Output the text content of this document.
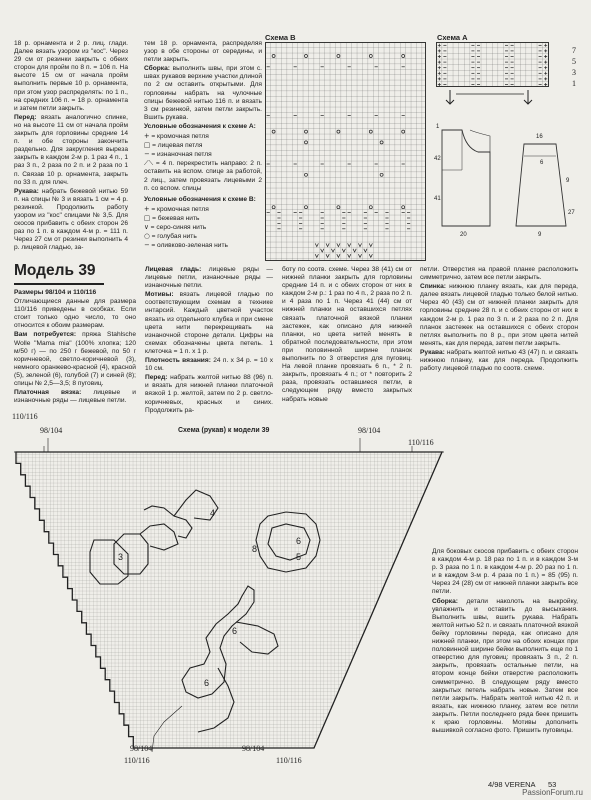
18 р. орнамента и 2 р. лиц. глади. Далее вязать узором из "кос". Через 29 см от резинки закрыть с обеих сторон для пройм по 8 п. = 106 п. На высоте 15 см от начала пройм выполнить первые 10 р. орнамента, при этом узор распределять: по 1 п., на средних 106 п. = 18 р. орнамента и затем петли закрыть.

Перед: вязать аналогично спинке, но на высоте 11 см от начала пройм закрыть для горловины средние 14 п. и обе стороны закончить раздельно. Для закругления выреза закрыть в каждом 2-м р. 1 раз 4 п., 1 раз 3 п., 2 раза по 2 п. и 2 раза по 1 п. Связав 10 р. орнамента, закрыть по 33 п. для плеч.

Рукава: набрать бежевой нитью 59 п. на спицы № 3 и вязать 1 см = 4 р. резинкой. Продолжить работу узором из "кос" спицами № 3,5. Для скосов прибавить с обеих сторон 26 раз по 1 п. в каждом 4-м р. = 111 п. Через 27 см от резинки выполнить 4 р. лицевой гладью, за-

тем 18 р. орнамента, распределяя узор в обе стороны от середины, и петли закрыть.

Сборка: выполнить швы, при этом с. швах рукавов верхние участки длиной по 2 см оставить открытыми. Для горловины набрать на чулочные спицы бежевой нитью 116 п. и вязать 3 см резинкой, затем петли закрыть. Вшить рукава.

Условные обозначения к схеме А:

+ = кромочная петля
□ = лицевая петля
− = изнаночная петля
⟋⟍ = 4 п. перекрестить направо: 2 п. оставить на вспом. спице за работой, 2 лиц., затем провязать лицевыми 2 п. со вспом. спицы

Условные обозначения к схеме В:

+ = кромочная петля
□ = бежевая нить
∨ = серо-синяя нить
○ = голубая нить
− = оливково-зеленая нить
Схема В	Схема А
7
5
3
1
1
42
41
20
16
6
9
27
9
Модель 39

Размеры 98/104 и 110/116

Отличающиеся данные для размера 110/116 приведены в скобках. Если стоит только одно число, то оно относится к обоим размерам.

Вам потребуется: пряжа Stahlsche Wolle "Mama mia" (100% хлопка; 120 м/50 г) — по 250 г бежевой, по 50 г коричневой, светло-коричневой (3), немного оранжево-красной (4), красной (5), зеленой (6), голубой (7) и синей (8); спицы № 2,5—3,5; 8 пуговиц.

Платочная вязка: лицевые и изнаночные ряды — лицевые петли.

Лицевая гладь: лицевые ряды — лицевые петли, изнаночные ряды — изнаночные петли.

Мотивы: вязать лицевой гладью по соответствующим схемам в технике интарсий. Каждый цветной участок вязать из отдельного клубка и при смене цвета нити перекрещивать на изнаночной стороне детали. Цифры на схемах обозначены цвета петель. 1 клеточка = 1 п. х 1 р.

Плотность вязания: 24 п. х 34 р. = 10 х 10 см.

Перед: набрать желтой нитью 88 (96) п. и вязать для нижней планки платочной вязкой 1 р. желтой, затем по 2 р. светло-коричневых, красных и синих. Продолжить ра-

боту по соотв. схеме. Через 38 (41) см от нижней планки закрыть для горловины средние 14 п. и с обеих сторон от них в каждом 2-м р.: 1 раз по 4 п., 2 раза по 2 п. и 4 раза по 1 п. Через 41 (44) см от нижней планки на оставшихся петлях связать платочной вязкой планки застежек, как описано для нижней планки, но цвета нитей менять в обратной последовательности, при этом при половинной ширине планок выполнить по 3 отверстия для пуговиц. На левой планке провязать 6 п., * 2 п. закрыть, провязать 4 п.; от * повторить 2 раза, провязать оставшиеся петли, в следующем ряду вместо закрытых набрать новые

петли. Отверстия на правой планке расположить симметрично, затем все петли закрыть.

Спинка: нижнюю планку вязать, как для переда, далее вязать лицевой гладью только белой нитью. Через 40 (43) см от нижней планки закрыть для горловины средние 28 п. и с обеих сторон от них в каждом 2-м р. 1 раз по 3 п. и 2 раза по 2 п. Для планок застежек на оставшихся с обеих сторон петлях выполнить по 8 р., при этом цвета нитей менять, как для переда, затем петли закрыть.

Рукава: набрать желтой нитью 43 (47) п. и связать нижнюю планку, как для переда. Продолжить работу лицевой гладью по соотв. схеме.

Схема (рукав) к модели 39
110/116
98/104	98/104
110/116
98/104
110/116
98/104
110/116
4
3
8
6
5
6
6

Для боковых скосов прибавить с обеих сторон в каждом 4-м р. 18 раз по 1 п. и в каждом 3-м р. 3 раза по 1 п. в каждом 4-м р. 20 раз по 1 п. и в каждом 3-м р. 4 раза по 1 п.) = 85 (95) п. Через 24 (28) см от нижней планки закрыть все петли.

Сборка: детали наколоть на выкройку, увлажнить и оставить до высыхания. Выполнить швы, вшить рукава. Набрать желтой нитью 52 п. и связать платочной вязкой бейку горловины переда, как описано для нижней планки, при этом на обоих концах при половинной ширине бейки выполнить еще по 1 отверстию для пуговиц: провязать 3 п., 2 п. закрыть, провязать остальные петли, на втором конце бейки отверстие расположить симметрично. В следующем ряду вместо закрытых петель набрать новые. Затем все петли закрыть. Набрать желтой нитью 42 п. и вязать, как нижнюю планку, затем все петли закрыть. Петли последнего ряда беек пришить к краю горловины. Мотивы дополнить вышивкой согласно фото. Пришить пуговицы.

4/98 VERENA 53
PassionForum.ru
